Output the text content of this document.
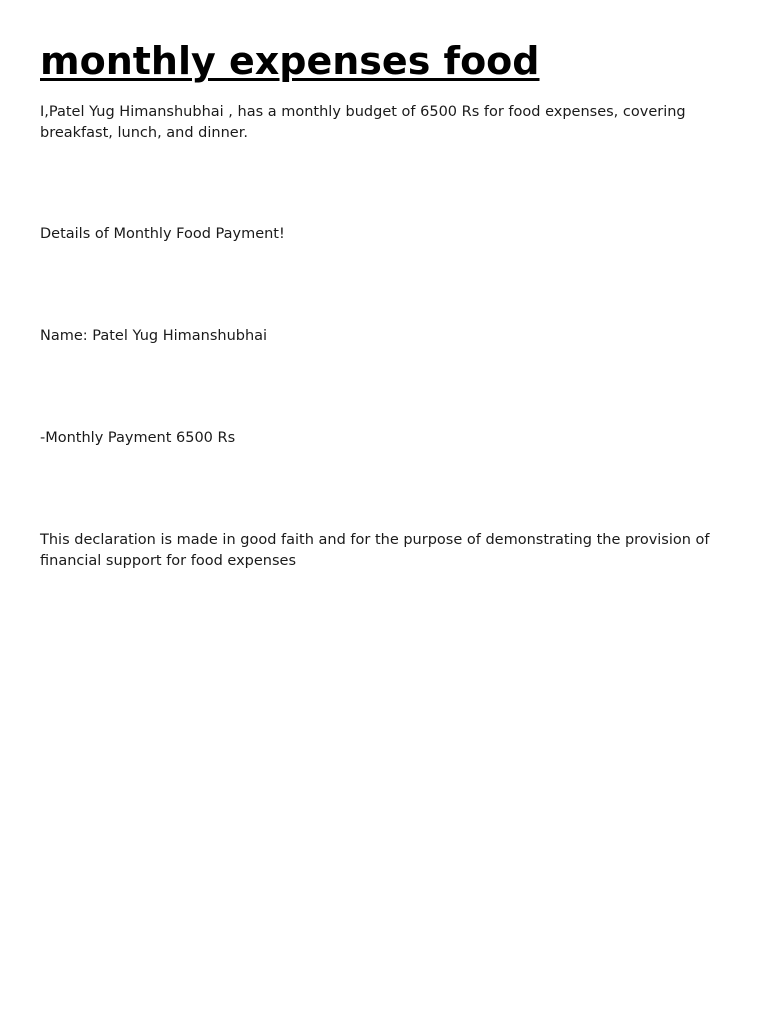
monthly expenses food

I,Patel Yug Himanshubhai , has a monthly budget of 6500 Rs for food expenses, covering breakfast, lunch, and dinner.

Details of Monthly Food Payment!

Name: Patel Yug Himanshubhai

-Monthly Payment 6500 Rs

This declaration is made in good faith and for the purpose of demonstrating the provision of financial support for food expenses
